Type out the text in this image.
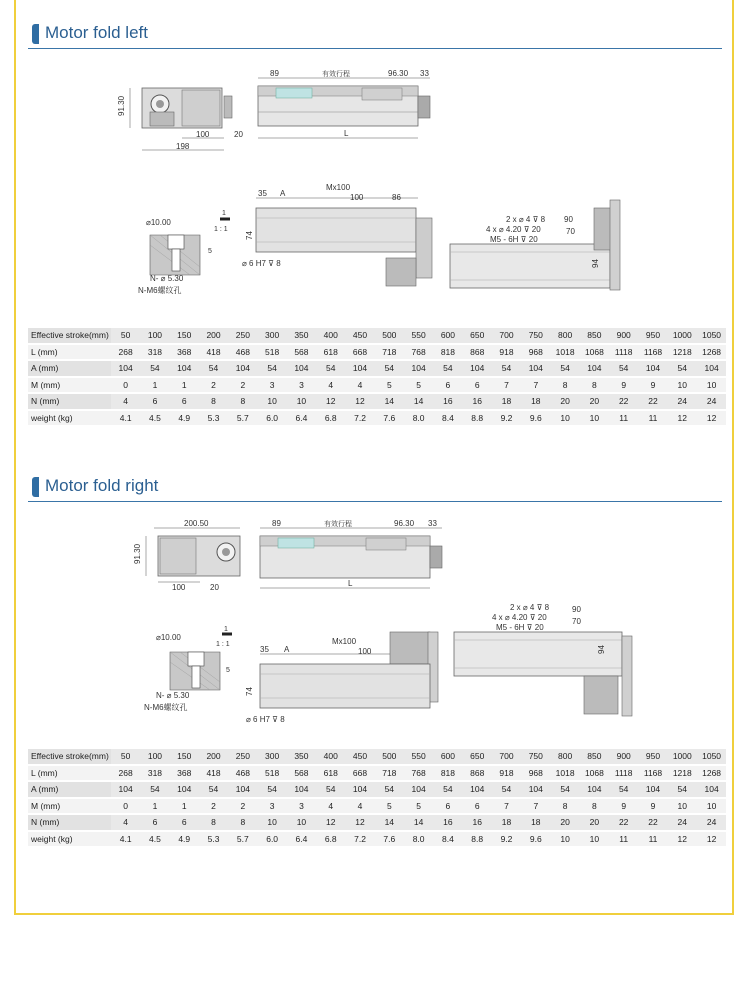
Motor fold left
91.30
100	20
198
89	有效行程	96.30 33
L
⌀10.00
1
1 : 1
5
N- ⌀ 5.30
N-M6螺纹孔
35 A
Mx100
100	86
74
⌀ 6 H7 ⊽ 8
2 x ⌀ 4 ⊽ 8
4 x ⌀ 4.20 ⊽ 20
M5 - 6H ⊽ 20
90
70
94
Effective stroke(mm)	50	100	150	200	250	300	350	400	450	500	550	600	650	700	750	800	850	900	950	1000	1050
L (mm)	268	318	368	418	468	518	568	618	668	718	768	818	868	918	968	1018	1068	1118	1168	1218	1268
A (mm)	104	54	104	54	104	54	104	54	104	54	104	54	104	54	104	54	104	54	104	54	104
M (mm)	0	1	1	2	2	3	3	4	4	5	5	6	6	7	7	8	8	9	9	10	10
N (mm)	4	6	6	8	8	10	10	12	12	14	14	16	16	18	18	20	20	22	22	24	24
weight (kg)	4.1	4.5	4.9	5.3	5.7	6.0	6.4	6.8	7.2	7.6	8.0	8.4	8.8	9.2	9.6	10	10	11	11	12	12
Motor fold right
200.50
91.30
100	20
89	有效行程	96.30 33
L
⌀10.00
1
1 : 1
5
N- ⌀ 5.30
N-M6螺纹孔
Mx100
35 A	100
74
⌀ 6 H7 ⊽ 8
2 x ⌀ 4 ⊽ 8
4 x ⌀ 4.20 ⊽ 20
M5 - 6H ⊽ 20
90
70
94
Effective stroke(mm)	50	100	150	200	250	300	350	400	450	500	550	600	650	700	750	800	850	900	950	1000	1050
L (mm)	268	318	368	418	468	518	568	618	668	718	768	818	868	918	968	1018	1068	1118	1168	1218	1268
A (mm)	104	54	104	54	104	54	104	54	104	54	104	54	104	54	104	54	104	54	104	54	104
M (mm)	0	1	1	2	2	3	3	4	4	5	5	6	6	7	7	8	8	9	9	10	10
N (mm)	4	6	6	8	8	10	10	12	12	14	14	16	16	18	18	20	20	22	22	24	24
weight (kg)	4.1	4.5	4.9	5.3	5.7	6.0	6.4	6.8	7.2	7.6	8.0	8.4	8.8	9.2	9.6	10	10	11	11	12	12
